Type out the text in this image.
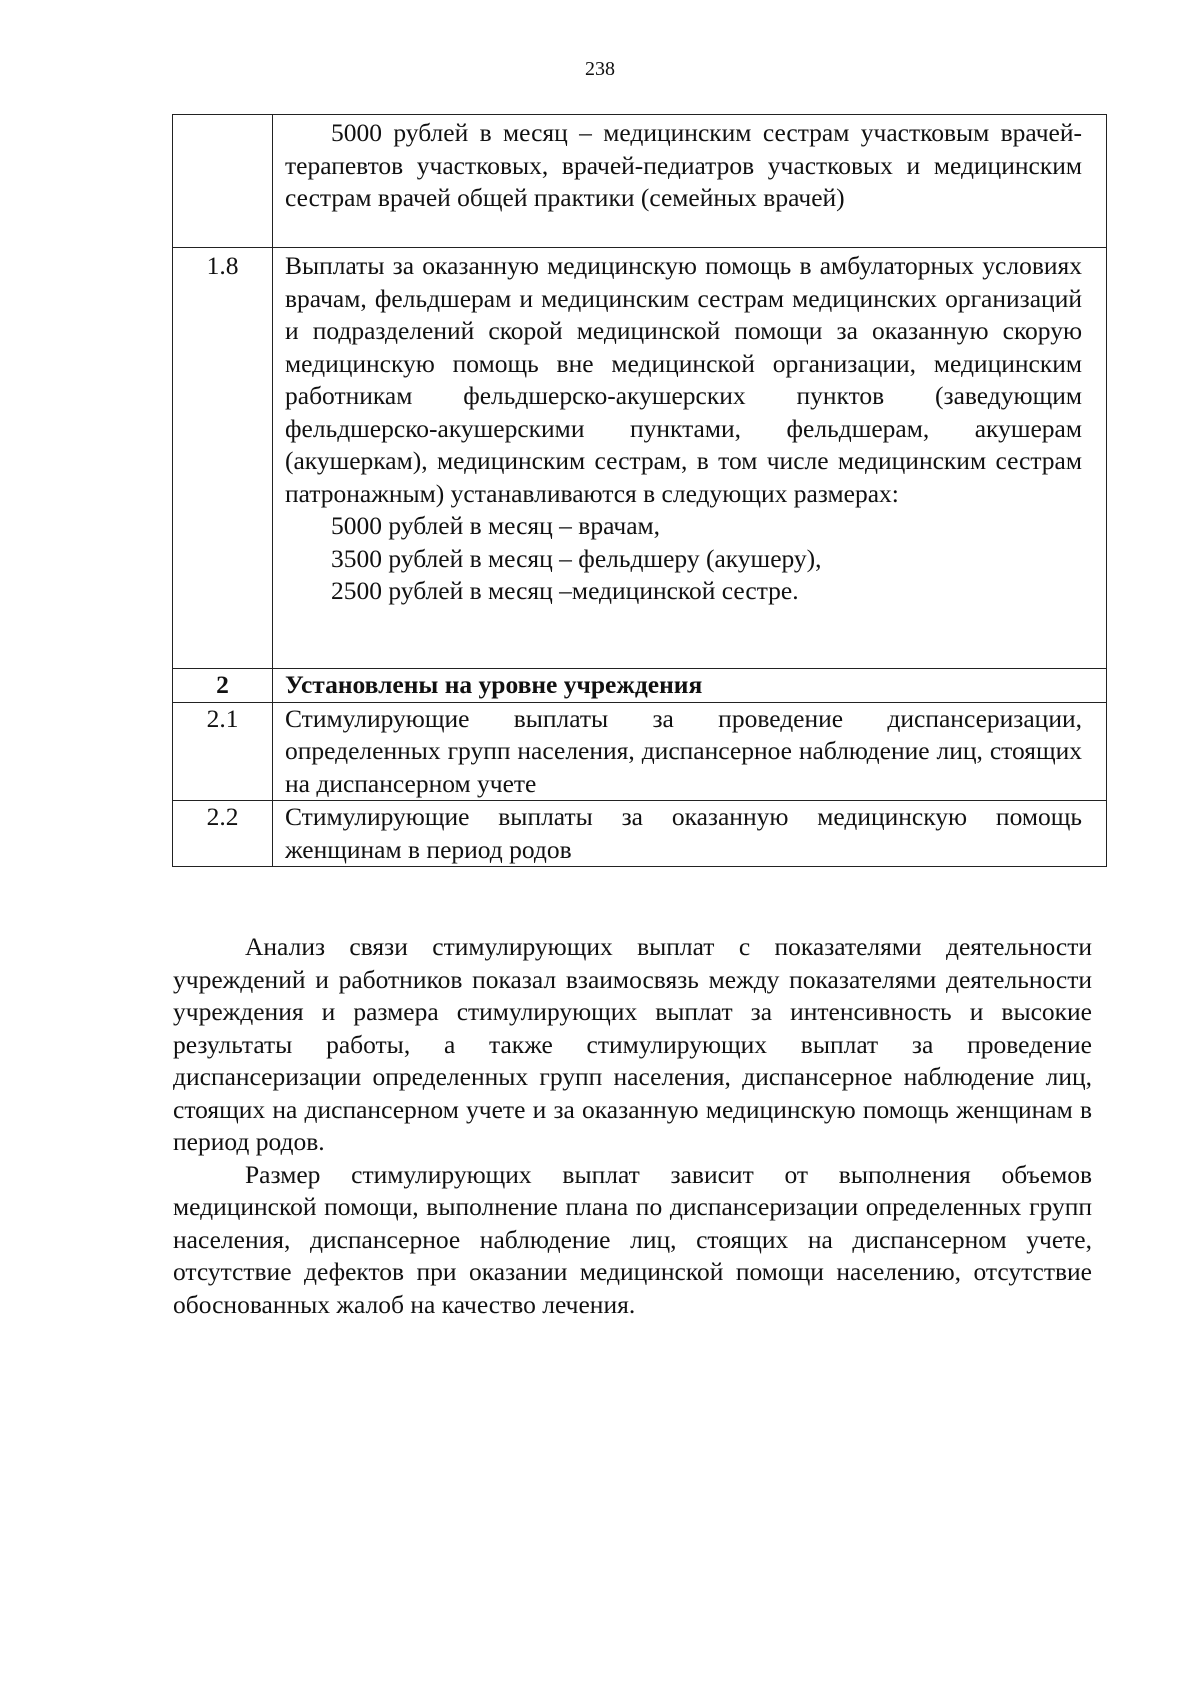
238

	5000 рублей в месяц – медицинским сестрам участковым врачей-терапевтов участковых, врачей-педиатров участковых и медицинским сестрам врачей общей практики (семейных врачей)

1.8	Выплаты за оказанную медицинскую помощь в амбулаторных условиях врачам, фельдшерам и медицинским сестрам медицинских организаций и подразделений скорой медицинской помощи за оказанную скорую медицинскую помощь вне медицинской организации, медицинским работникам фельдшерско-акушерских пунктов (заведующим фельдшерско-акушерскими пунктами, фельдшерам, акушерам (акушеркам), медицинским сестрам, в том числе медицинским сестрам патронажным) устанавливаются в следующих размерах:

5000 рублей в месяц – врачам,

3500 рублей в месяц – фельдшеру (акушеру),

2500 рублей в месяц –медицинской сестре.

2	Установлены на уровне учреждения
2.1	Стимулирующие выплаты за проведение диспансеризации, определенных групп населения, диспансерное наблюдение лиц, стоящих на диспансерном учете

2.2	Стимулирующие выплаты за оказанную медицинскую помощь женщинам в период родов

Анализ связи стимулирующих выплат с показателями деятельности учреждений и работников показал взаимосвязь между показателями деятельности учреждения и размера стимулирующих выплат за интенсивность и высокие результаты работы, а также стимулирующих выплат за проведение диспансеризации определенных групп населения, диспансерное наблюдение лиц, стоящих на диспансерном учете и за оказанную медицинскую помощь женщинам в период родов.

Размер стимулирующих выплат зависит от выполнения объемов медицинской помощи, выполнение плана по диспансеризации определенных групп населения, диспансерное наблюдение лиц, стоящих на диспансерном учете, отсутствие дефектов при оказании медицинской помощи населению, отсутствие обоснованных жалоб на качество лечения.
